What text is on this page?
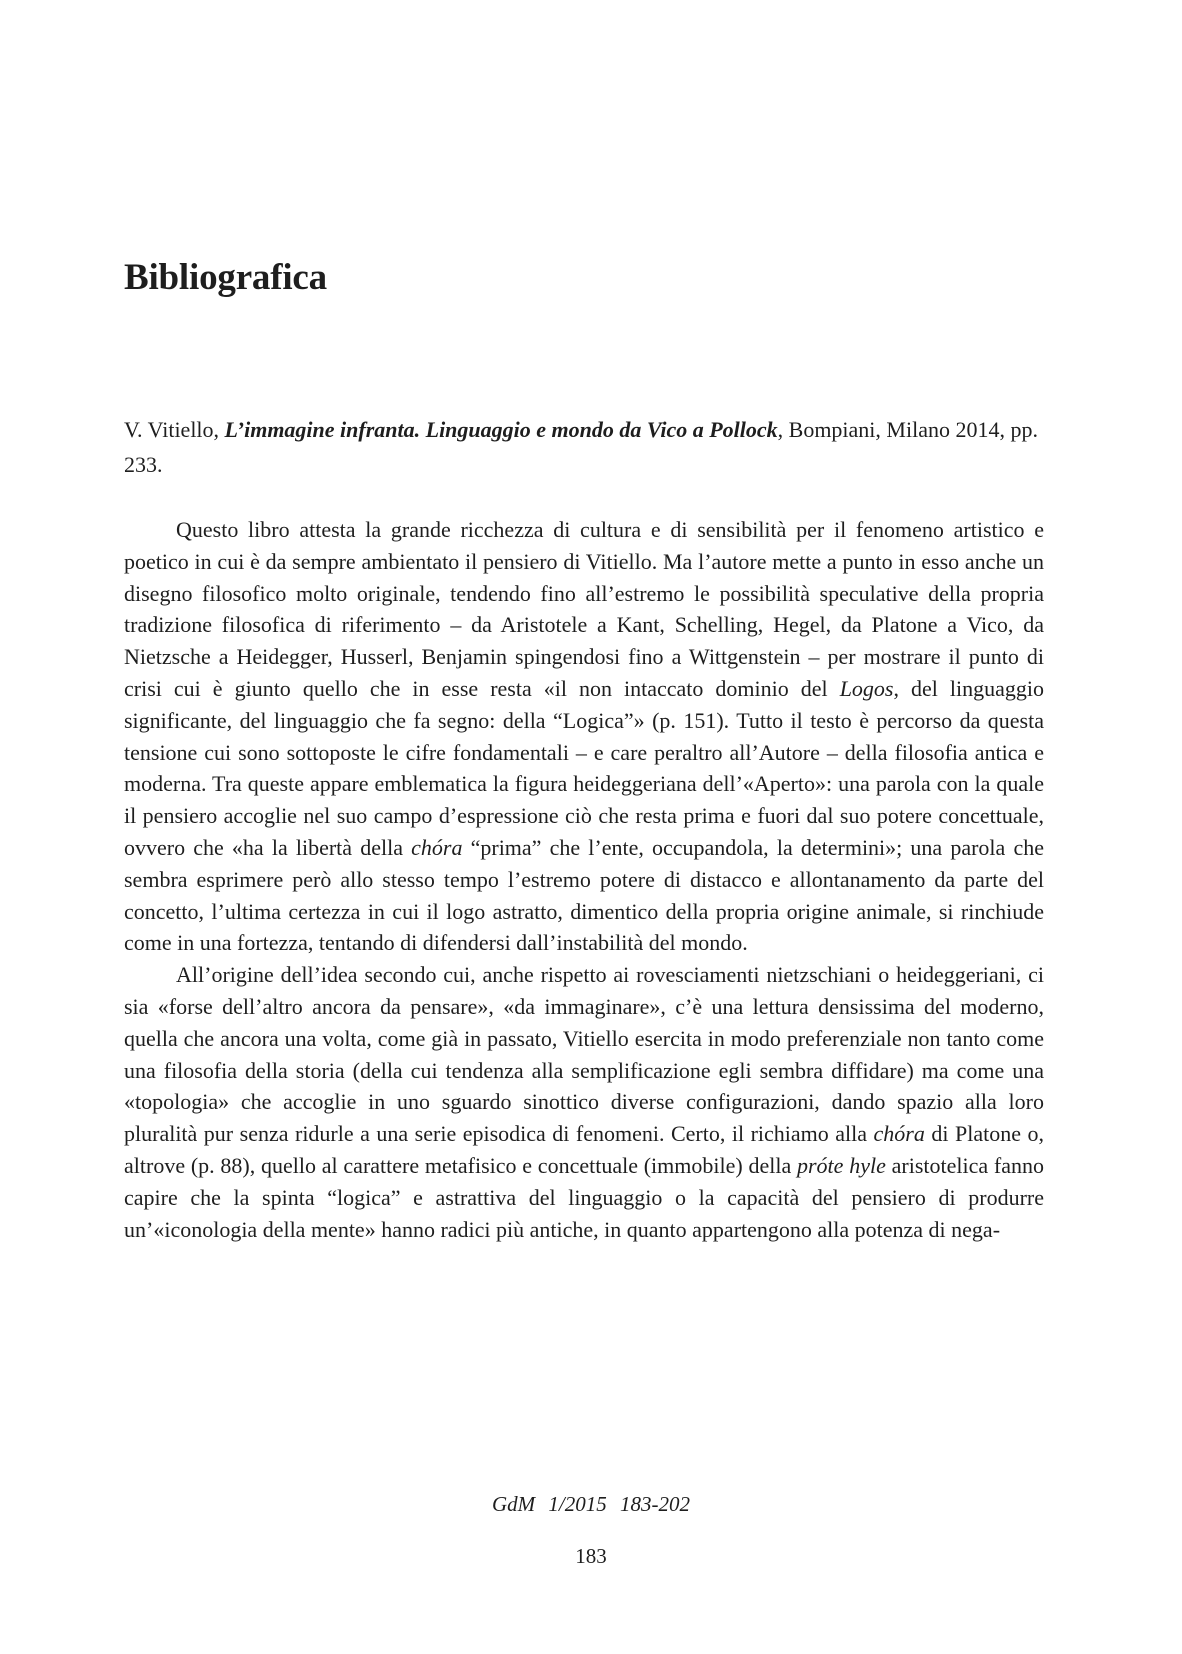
Bibliografica

V. Vitiello, L’immagine infranta. Linguaggio e mondo da Vico a Pollock, Bompiani, Milano 2014, pp. 233.

Questo libro attesta la grande ricchezza di cultura e di sensibilità per il fenomeno artistico e poetico in cui è da sempre ambientato il pensiero di Vitiello. Ma l’autore mette a punto in esso anche un disegno filosofico molto originale, tendendo fino all’estremo le possibilità speculative della propria tradizione filosofica di riferimento – da Aristotele a Kant, Schelling, Hegel, da Platone a Vico, da Nietzsche a Heidegger, Husserl, Benjamin spingendosi fino a Wittgenstein – per mostrare il punto di crisi cui è giunto quello che in esse resta «il non intaccato dominio del Logos, del linguaggio significante, del linguaggio che fa segno: della “Logica”» (p. 151). Tutto il testo è percorso da questa tensione cui sono sottoposte le cifre fondamentali – e care peraltro all’Autore – della filosofia antica e moderna. Tra queste appare emblematica la figura heideggeriana dell’«Aperto»: una parola con la quale il pensiero accoglie nel suo campo d’espressione ciò che resta prima e fuori dal suo potere concettuale, ovvero che «ha la libertà della chóra “prima” che l’ente, occupandola, la determini»; una parola che sembra esprimere però allo stesso tempo l’estremo potere di distacco e allontanamento da parte del concetto, l’ultima certezza in cui il logo astratto, dimentico della propria origine animale, si rinchiude come in una fortezza, tentando di difendersi dall’instabilità del mondo.

All’origine dell’idea secondo cui, anche rispetto ai rovesciamenti nietzschiani o heideggeriani, ci sia «forse dell’altro ancora da pensare», «da immaginare», c’è una lettura densissima del moderno, quella che ancora una volta, come già in passato, Vitiello esercita in modo preferenziale non tanto come una filosofia della storia (della cui tendenza alla semplificazione egli sembra diffidare) ma come una «topologia» che accoglie in uno sguardo sinottico diverse configurazioni, dando spazio alla loro pluralità pur senza ridurle a una serie episodica di fenomeni. Certo, il richiamo alla chóra di Platone o, altrove (p. 88), quello al carattere metafisico e concettuale (immobile) della próte hyle aristotelica fanno capire che la spinta “logica” e astrattiva del linguaggio o la capacità del pensiero di produrre un’«iconologia della mente» hanno radici più antiche, in quanto appartengono alla potenza di nega-

GdM 1/2015 183-202
183
